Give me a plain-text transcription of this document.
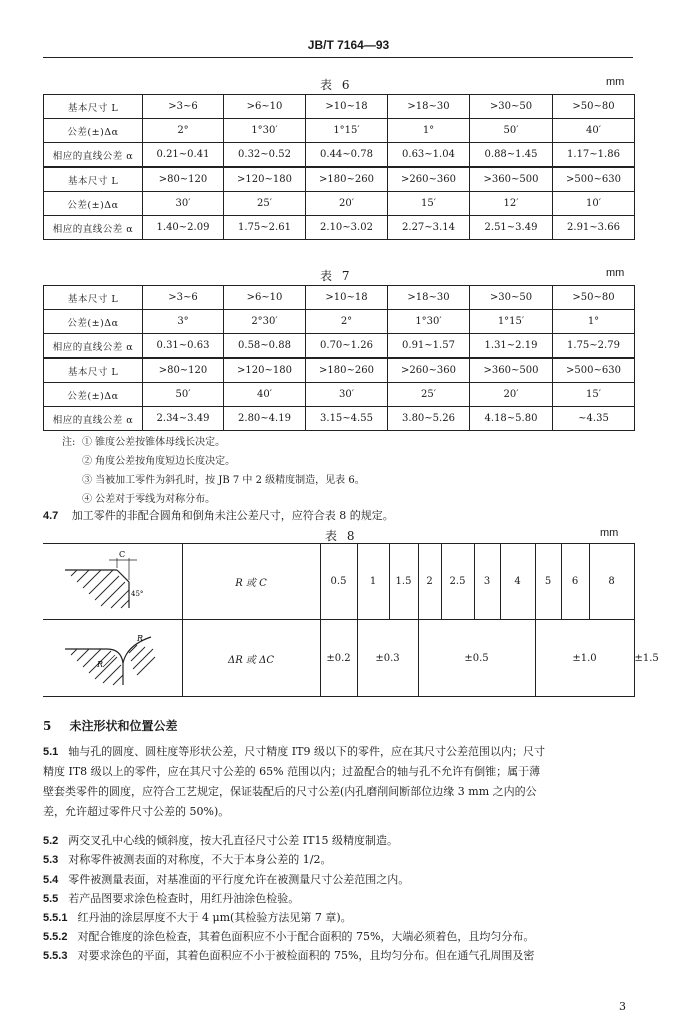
JB/T 7164—93
表 6	mm
基本尺寸 L	>3~6	>6~10	>10~18	>18~30	>30~50	>50~80
公差(±)Δα	2°	1°30′	1°15′	1°	50′	40′
相应的直线公差 α	0.21~0.41	0.32~0.52	0.44~0.78	0.63~1.04	0.88~1.45	1.17~1.86
基本尺寸 L	>80~120	>120~180	>180~260	>260~360	>360~500	>500~630
公差(±)Δα	30′	25′	20′	15′	12′	10′
相应的直线公差 α	1.40~2.09	1.75~2.61	2.10~3.02	2.27~3.14	2.51~3.49	2.91~3.66
表 7	mm
基本尺寸 L	>3~6	>6~10	>10~18	>18~30	>30~50	>50~80
公差(±)Δα	3°	2°30′	2°	1°30′	1°15′	1°
相应的直线公差 α	0.31~0.63	0.58~0.88	0.70~1.26	0.91~1.57	1.31~2.19	1.75~2.79
基本尺寸 L	>80~120	>120~180	>180~260	>260~360	>360~500	>500~630
公差(±)Δα	50′	40′	30′	25′	20′	15′
相应的直线公差 α	2.34~3.49	2.80~4.19	3.15~4.55	3.80~5.26	4.18~5.80	~4.35
注: ① 锥度公差按锥体母线长决定。
② 角度公差按角度短边长度决定。
③ 当被加工零件为斜孔时，按 JB 7 中 2 级精度制造，见表 6。
④ 公差对于零线为对称分布。
4.7 加工零件的非配合圆角和倒角未注公差尺寸，应符合表 8 的规定。
表 8	mm
C
45°	R 或 C	0.5	1	1.5	2	2.5	3	4	5	6	8	

R
R	ΔR 或 ΔC	±0.2	±0.3		±0.5				±1.0			±1.5
5 未注形状和位置公差
5.1 轴与孔的圆度、圆柱度等形状公差，尺寸精度 IT9 级以下的零件，应在其尺寸公差范围以内；尺寸
精度 IT8 级以上的零件，应在其尺寸公差的 65% 范围以内；过盈配合的轴与孔不允许有倒锥；属于薄
壁套类零件的圆度，应符合工艺规定，保证装配后的尺寸公差(内孔磨削间断部位边缘 3 mm 之内的公
差，允许超过零件尺寸公差的 50%)。
5.2 两交叉孔中心线的倾斜度，按大孔直径尺寸公差 IT15 级精度制造。
5.3 对称零件被测表面的对称度，不大于本身公差的 1/2。
5.4 零件被测量表面，对基准面的平行度允许在被测量尺寸公差范围之内。
5.5 若产品图要求涂色检查时，用红丹油涂色检验。
5.5.1 红丹油的涂层厚度不大于 4 μm(其检验方法见第 7 章)。
5.5.2 对配合锥度的涂色检查，其着色面积应不小于配合面积的 75%，大端必须着色，且均匀分布。
5.5.3 对要求涂色的平面，其着色面积应不小于被检面积的 75%，且均匀分布。但在通气孔周围及密
3
